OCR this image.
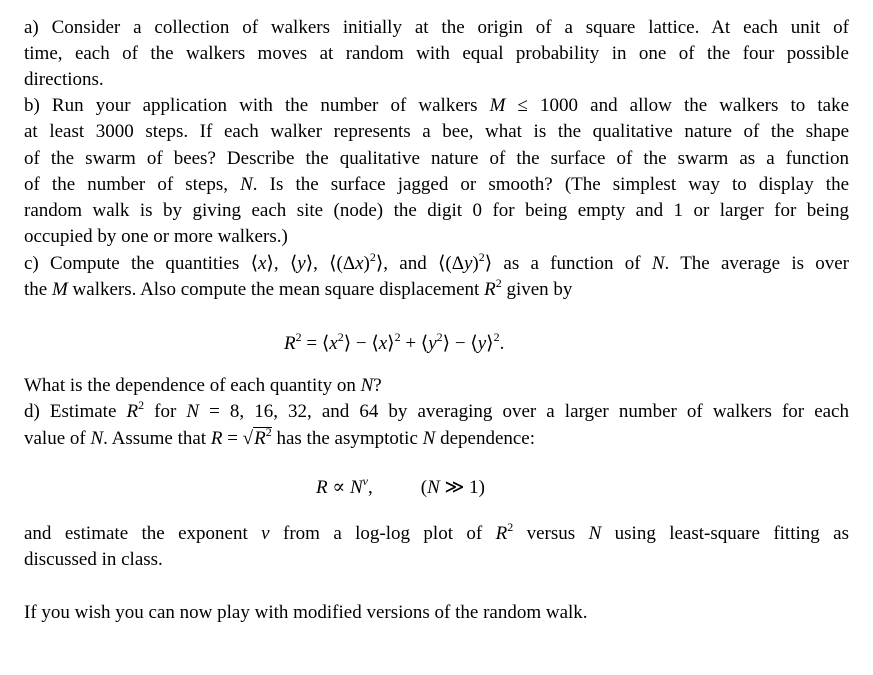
a) Consider a collection of walkers initially at the origin of a square lattice. At each unit of
time, each of the walkers moves at random with equal probability in one of the four possible
directions.
b) Run your application with the number of walkers M ≤ 1000 and allow the walkers to take
at least 3000 steps. If each walker represents a bee, what is the qualitative nature of the shape
of the swarm of bees? Describe the qualitative nature of the surface of the swarm as a function
of the number of steps, N. Is the surface jagged or smooth? (The simplest way to display the
random walk is by giving each site (node) the digit 0 for being empty and 1 or larger for being
occupied by one or more walkers.)
c) Compute the quantities ⟨x⟩, ⟨y⟩, $⟨(\Delta x)^2⟩$, and $⟨(\Delta y)^2⟩$ as a function of N. The average is over
the M walkers. Also compute the mean square displacement $R^2$ given by
$R^2$ = $⟨x^2⟩$ − ⟨x⟩$^2$ + $⟨y^2⟩$ − ⟨y⟩$^2$.
What is the dependence of each quantity on N?
d) Estimate $R^2$ for N = 8, 16, 32, and 64 by averaging over a larger number of walkers for each
value of N. Assume that $R = √R^2$ has the asymptotic N dependence:
$R \propto N^\nu$,	(N ≫ 1)
and estimate the exponent ν from a log-log plot of $R^2$ versus N using least-square fitting as
discussed in class.
If you wish you can now play with modified versions of the random walk.
